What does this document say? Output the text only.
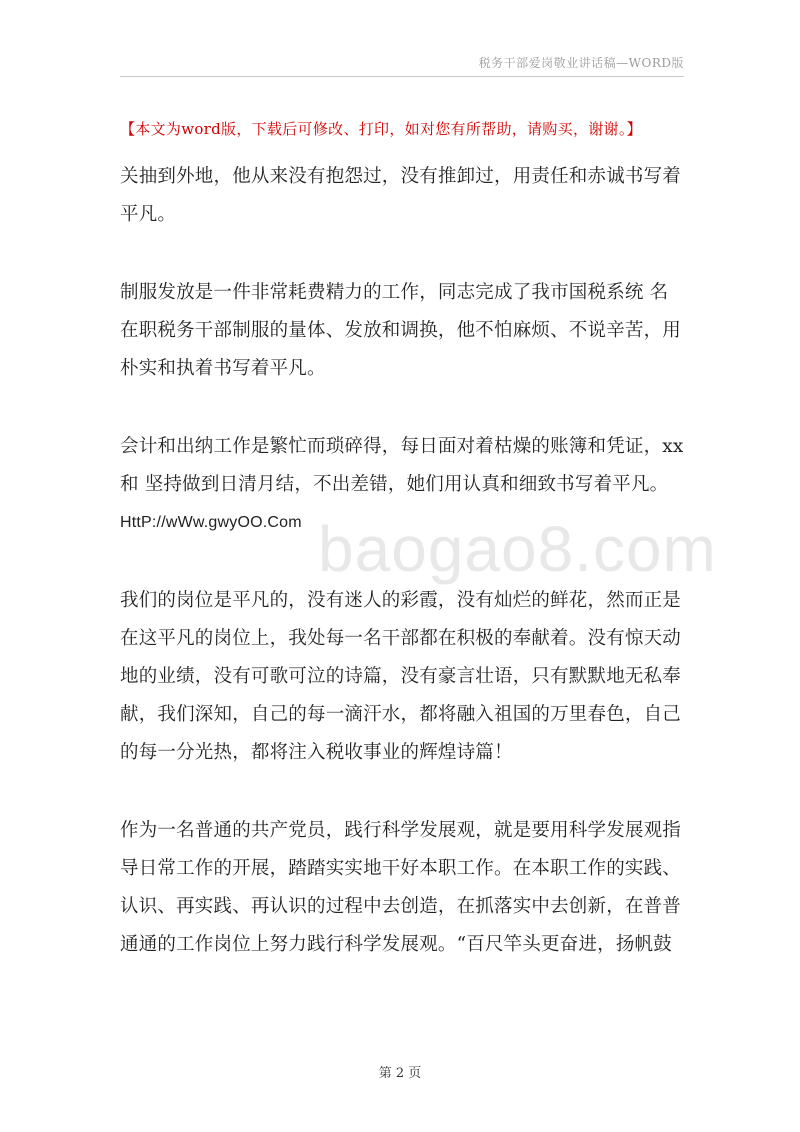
税务干部爱岗敬业讲话稿—WORD版
【本文为word版，下载后可修改、打印，如对您有所帮助，请购买，谢谢。】
baogao8.com
关抽到外地，他从来没有抱怨过，没有推卸过，用责任和赤诚书写着
平凡。
制服发放是一件非常耗费精力的工作，同志完成了我市国税系统 名
在职税务干部制服的量体、发放和调换，他不怕麻烦、不说辛苦，用
朴实和执着书写着平凡。
会计和出纳工作是繁忙而琐碎得，每日面对着枯燥的账簿和凭证，xx
和 坚持做到日清月结，不出差错，她们用认真和细致书写着平凡。
HttP://wWw.gwyOO.Com
我们的岗位是平凡的，没有迷人的彩霞，没有灿烂的鲜花，然而正是
在这平凡的岗位上，我处每一名干部都在积极的奉献着。没有惊天动
地的业绩，没有可歌可泣的诗篇，没有豪言壮语，只有默默地无私奉
献，我们深知，自己的每一滴汗水，都将融入祖国的万里春色，自己
的每一分光热，都将注入税收事业的辉煌诗篇！
作为一名普通的共产党员，践行科学发展观，就是要用科学发展观指
导日常工作的开展，踏踏实实地干好本职工作。在本职工作的实践、
认识、再实践、再认识的过程中去创造，在抓落实中去创新，在普普
通通的工作岗位上努力践行科学发展观。“百尺竿头更奋进，扬帆鼓
第 2 页
